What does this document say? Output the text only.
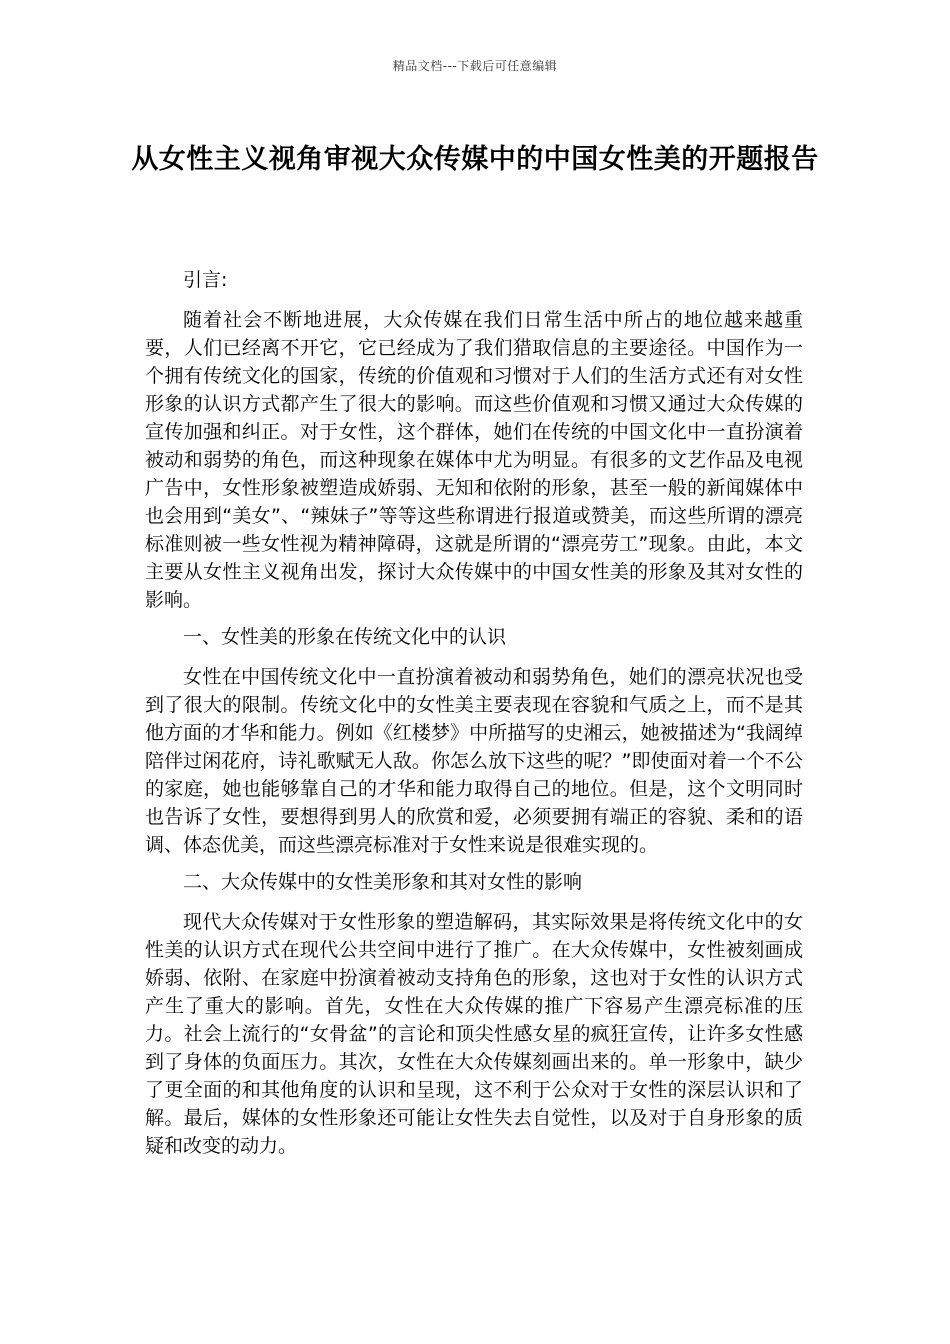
精品文档---下载后可任意编辑
从女性主义视角审视大众传媒中的中国女性美的开题报告

引言:

随着社会不断地进展，大众传媒在我们日常生活中所占的地位越来越重要，人们已经离不开它，它已经成为了我们猎取信息的主要途径。中国作为一个拥有传统文化的国家，传统的价值观和习惯对于人们的生活方式还有对女性形象的认识方式都产生了很大的影响。而这些价值观和习惯又通过大众传媒的宣传加强和纠正。对于女性，这个群体，她们在传统的中国文化中一直扮演着被动和弱势的角色，而这种现象在媒体中尤为明显。有很多的文艺作品及电视广告中，女性形象被塑造成娇弱、无知和依附的形象，甚至一般的新闻媒体中也会用到“美女”、“辣妹子”等等这些称谓进行报道或赞美，而这些所谓的漂亮标准则被一些女性视为精神障碍，这就是所谓的“漂亮劳工”现象。由此，本文主要从女性主义视角出发，探讨大众传媒中的中国女性美的形象及其对女性的影响。

一、女性美的形象在传统文化中的认识

女性在中国传统文化中一直扮演着被动和弱势角色，她们的漂亮状况也受到了很大的限制。传统文化中的女性美主要表现在容貌和气质之上，而不是其他方面的才华和能力。例如《红楼梦》中所描写的史湘云，她被描述为“我阔绰陪伴过闲花府，诗礼歌赋无人敌。你怎么放下这些的呢？”即使面对着一个不公的家庭，她也能够靠自己的才华和能力取得自己的地位。但是，这个文明同时也告诉了女性，要想得到男人的欣赏和爱，必须要拥有端正的容貌、柔和的语调、体态优美，而这些漂亮标准对于女性来说是很难实现的。

二、大众传媒中的女性美形象和其对女性的影响

现代大众传媒对于女性形象的塑造解码，其实际效果是将传统文化中的女性美的认识方式在现代公共空间中进行了推广。在大众传媒中，女性被刻画成娇弱、依附、在家庭中扮演着被动支持角色的形象，这也对于女性的认识方式产生了重大的影响。首先，女性在大众传媒的推广下容易产生漂亮标准的压力。社会上流行的“女骨盆”的言论和顶尖性感女星的疯狂宣传，让许多女性感到了身体的负面压力。其次，女性在大众传媒刻画出来的。单一形象中，缺少了更全面的和其他角度的认识和呈现，这不利于公众对于女性的深层认识和了解。最后，媒体的女性形象还可能让女性失去自觉性，以及对于自身形象的质疑和改变的动力。
